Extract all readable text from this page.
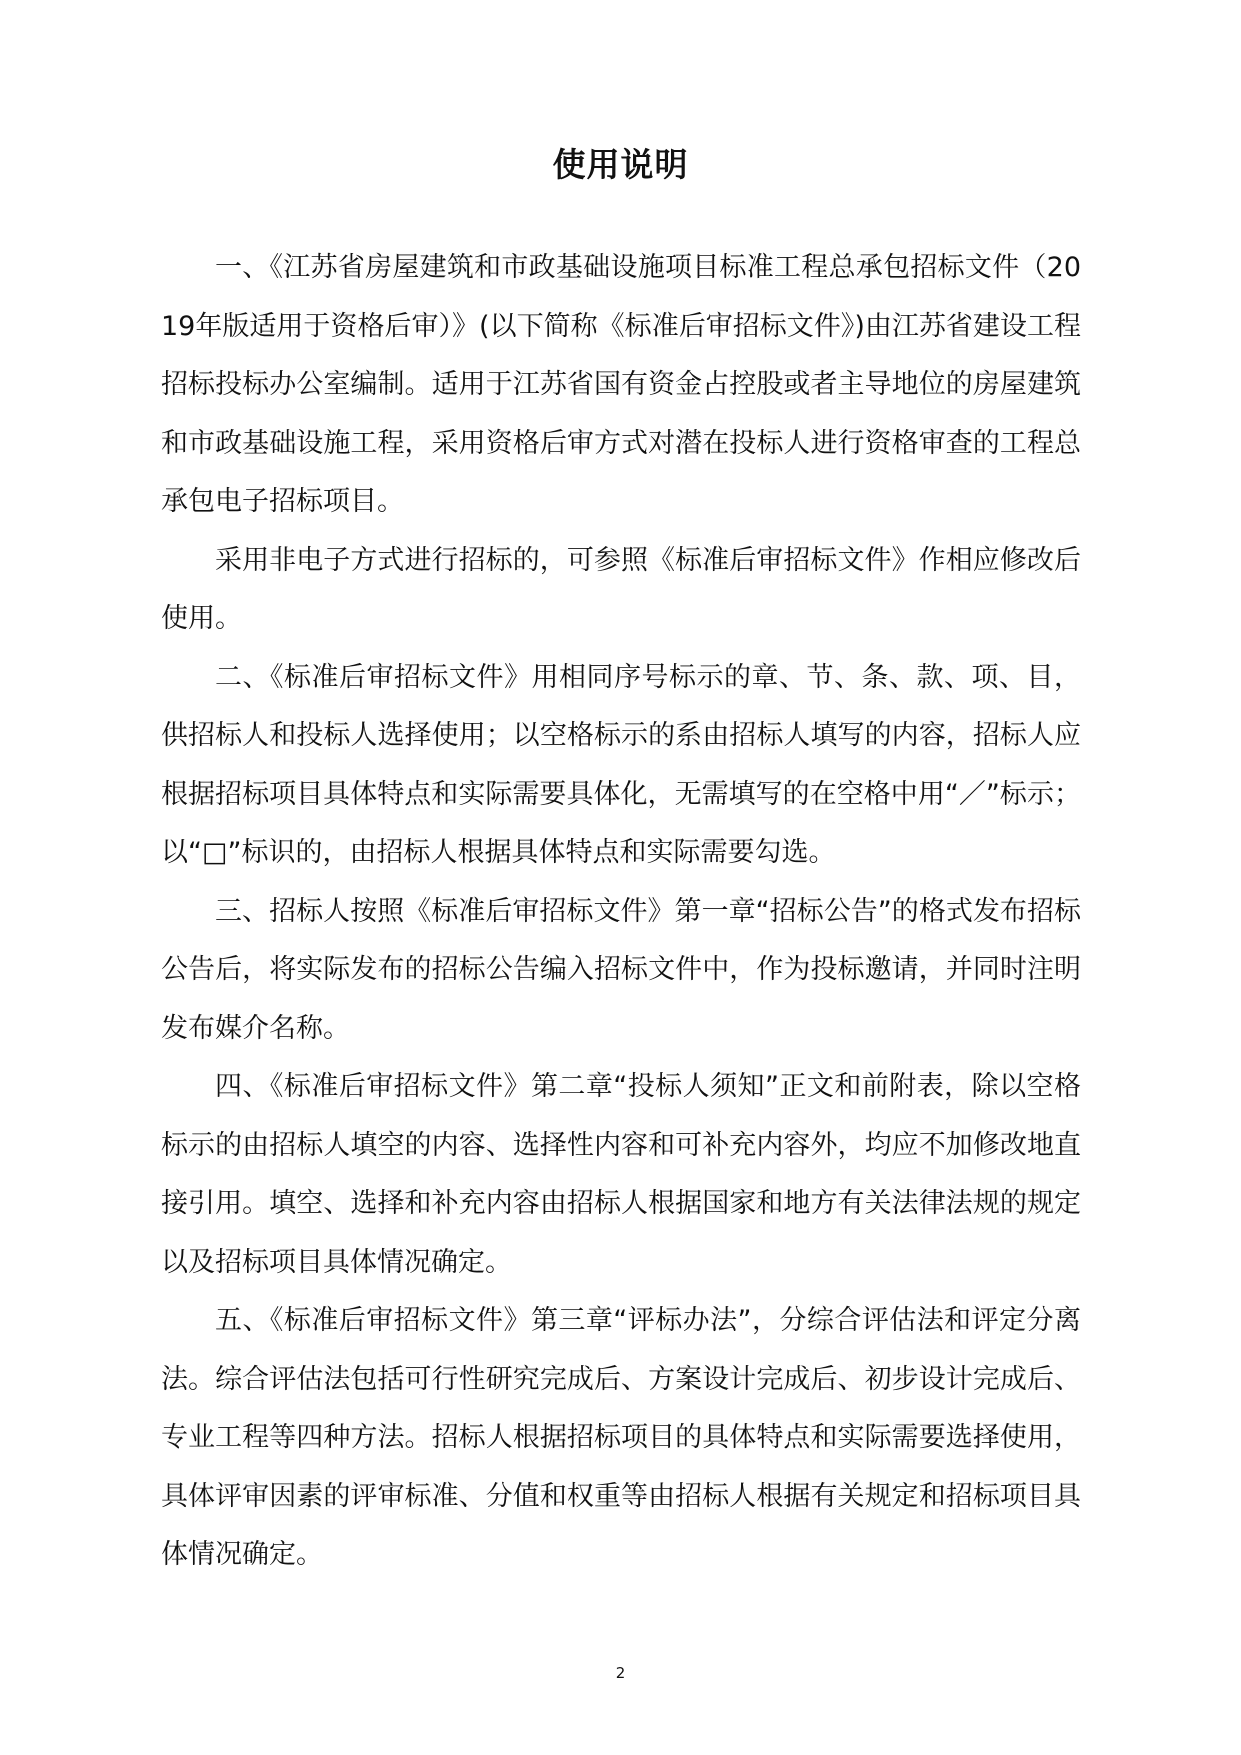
使用说明

一、《江苏省房屋建筑和市政基础设施项目标准工程总承包招标文件（2019年版适用于资格后审）》(以下简称《标准后审招标文件》)由江苏省建设工程招标投标办公室编制。适用于江苏省国有资金占控股或者主导地位的房屋建筑和市政基础设施工程，采用资格后审方式对潜在投标人进行资格审查的工程总承包电子招标项目。

采用非电子方式进行招标的，可参照《标准后审招标文件》作相应修改后使用。

二、《标准后审招标文件》用相同序号标示的章、节、条、款、项、目，供招标人和投标人选择使用；以空格标示的系由招标人填写的内容，招标人应根据招标项目具体特点和实际需要具体化，无需填写的在空格中用“／”标示；以“□”标识的，由招标人根据具体特点和实际需要勾选。

三、招标人按照《标准后审招标文件》第一章“招标公告”的格式发布招标公告后，将实际发布的招标公告编入招标文件中，作为投标邀请，并同时注明发布媒介名称。

四、《标准后审招标文件》第二章“投标人须知”正文和前附表，除以空格标示的由招标人填空的内容、选择性内容和可补充内容外，均应不加修改地直接引用。填空、选择和补充内容由招标人根据国家和地方有关法律法规的规定以及招标项目具体情况确定。

五、《标准后审招标文件》第三章“评标办法”，分综合评估法和评定分离法。综合评估法包括可行性研究完成后、方案设计完成后、初步设计完成后、专业工程等四种方法。招标人根据招标项目的具体特点和实际需要选择使用，具体评审因素的评审标准、分值和权重等由招标人根据有关规定和招标项目具体情况确定。

2
